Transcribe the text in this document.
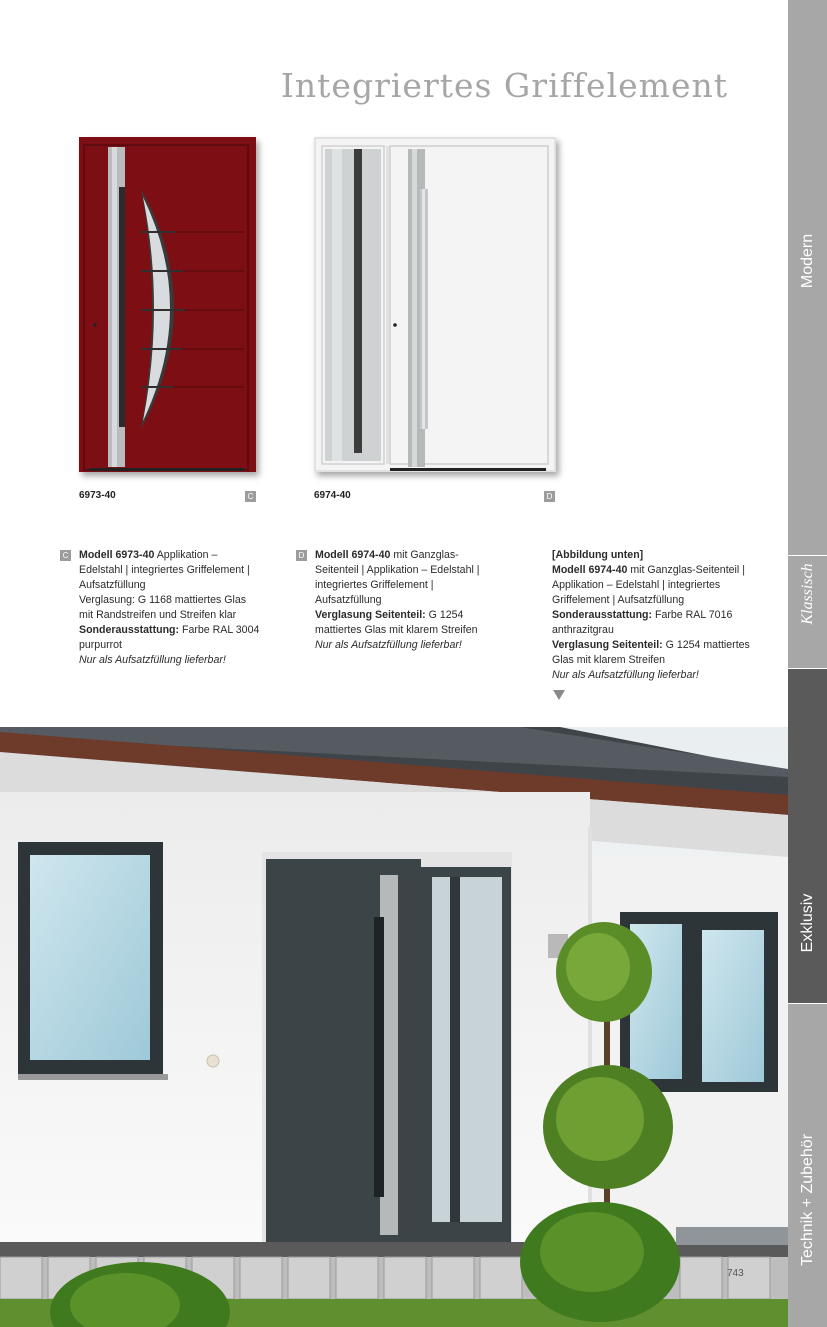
Integriertes Griffelement
6973-40	C	6974-40	D
C Modell 6973-40 Applikation –
Edelstahl | integriertes Griffelement |
Aufsatzfüllung
Verglasung: G 1168 mattiertes Glas
mit Randstreifen und Streifen klar
Sonderausstattung: Farbe RAL 3004
purpurrot
Nur als Aufsatzfüllung lieferbar!
D Modell 6974-40 mit Ganzglas-
Seitenteil | Applikation – Edelstahl |
integriertes Griffelement |
Aufsatzfüllung
Verglasung Seitenteil: G 1254
mattiertes Glas mit klarem Streifen
Nur als Aufsatzfüllung lieferbar!
[Abbildung unten]
Modell 6974-40 mit Ganzglas-Seitenteil |
Applikation – Edelstahl | integriertes
Griffelement | Aufsatzfüllung
Sonderausstattung: Farbe RAL 7016
anthrazitgrau
Verglasung Seitenteil: G 1254 mattiertes
Glas mit klarem Streifen
Nur als Aufsatzfüllung lieferbar!
743
Modern
Klassisch
Exklusiv
Technik + Zubehör
